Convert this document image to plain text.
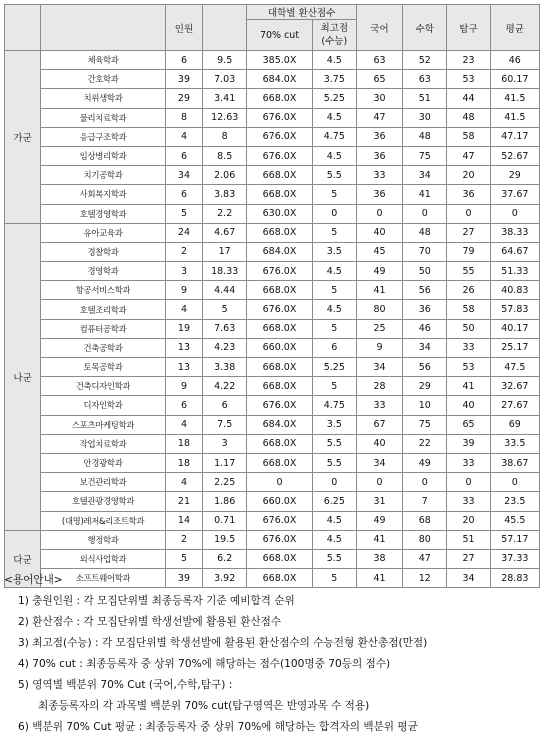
		인원		대학별 환산점수		국어	수학	탐구	평균
				70% cut	최고점
(수능)				
가군	체육학과	6	9.5	385.0X	4.5	63	52	23	46
	간호학과	39	7.03	684.0X	3.75	65	63	53	60.17
	치위생학과	29	3.41	668.0X	5.25	30	51	44	41.5
	물리치료학과	8	12.63	676.0X	4.5	47	30	48	41.5
	응급구조학과	4	8	676.0X	4.75	36	48	58	47.17
	임상병리학과	6	8.5	676.0X	4.5	36	75	47	52.67
	치기공학과	34	2.06	668.0X	5.5	33	34	20	29
	사회복지학과	6	3.83	668.0X	5	36	41	36	37.67
	호텔경영학과	5	2.2	630.0X	0	0	0	0	0
나군	유아교육과	24	4.67	668.0X	5	40	48	27	38.33
	경찰학과	2	17	684.0X	3.5	45	70	79	64.67
	경영학과	3	18.33	676.0X	4.5	49	50	55	51.33
	항공서비스학과	9	4.44	668.0X	5	41	56	26	40.83
	호텔조리학과	4	5	676.0X	4.5	80	36	58	57.83
	컴퓨터공학과	19	7.63	668.0X	5	25	46	50	40.17
	건축공학과	13	4.23	660.0X	6	9	34	33	25.17
	토목공학과	13	3.38	668.0X	5.25	34	56	53	47.5
	건축디자인학과	9	4.22	668.0X	5	28	29	41	32.67
	디자인학과	6	6	676.0X	4.75	33	10	40	27.67
	스포츠마케팅학과	4	7.5	684.0X	3.5	67	75	65	69
	작업치료학과	18	3	668.0X	5.5	40	22	39	33.5
	안경광학과	18	1.17	668.0X	5.5	34	49	33	38.67
	보건관리학과	4	2.25	0	0	0	0	0	0
	호텔관광경영학과	21	1.86	660.0X	6.25	31	7	33	23.5
	(대명)레저&리조트학과	14	0.71	676.0X	4.5	49	68	20	45.5
다군	행정학과	2	19.5	676.0X	4.5	41	80	51	57.17
	외식사업학과	5	6.2	668.0X	5.5	38	47	27	37.33
	소프트웨어학과	39	3.92	668.0X	5	41	12	34	28.83
<용어안내>
1) 충원인원 : 각 모집단위별 최종등록자 기준 예비합격 순위
2) 환산점수 : 각 모집단위별 학생선발에 활용된 환산점수
3) 최고점(수능) : 각 모집단위별 학생선발에 활용된 환산점수의 수능전형 환산총점(만점)
4) 70% cut : 최종등록자 중 상위 70%에 해당하는 점수(100명중 70등의 점수)
5) 영역별 백분위 70% Cut (국어,수학,탐구) :
최종등록자의 각 과목별 백분위 70% cut(탐구영역은 반영과목 수 적용)
6) 백분위 70% Cut 평균 : 최종등록자 중 상위 70%에 해당하는 합격자의 백분위 평균
